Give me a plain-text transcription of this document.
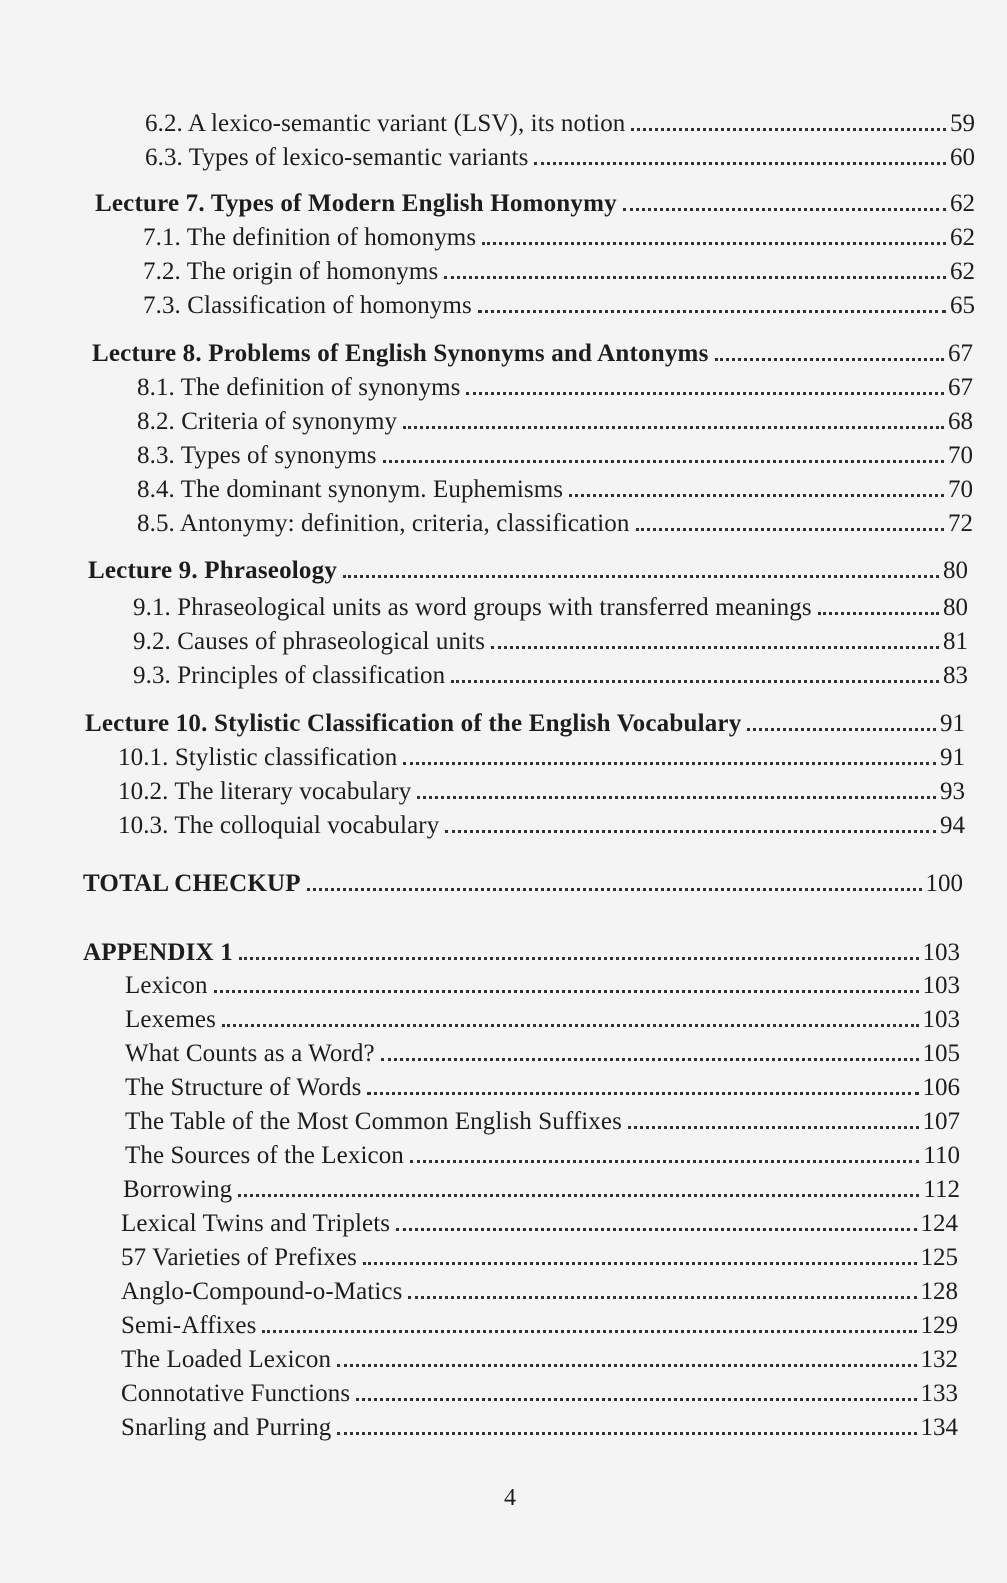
6.2. A lexico-semantic variant (LSV), its notion	59
6.3. Types of lexico-semantic variants	60
Lecture 7. Types of Modern English Homonymy	62
7.1. The definition of homonyms	62
7.2. The origin of homonyms	62
7.3. Classification of homonyms	65
Lecture 8. Problems of English Synonyms and Antonyms	67
8.1. The definition of synonyms	67
8.2. Criteria of synonymy	68
8.3. Types of synonyms	70
8.4. The dominant synonym. Euphemisms	70
8.5. Antonymy: definition, criteria, classification	72
Lecture 9. Phraseology	80
9.1. Phraseological units as word groups with transferred meanings	80
9.2. Causes of phraseological units	81
9.3. Principles of classification	83
Lecture 10. Stylistic Classification of the English Vocabulary	91
10.1. Stylistic classification	91
10.2. The literary vocabulary	93
10.3. The colloquial vocabulary	94
TOTAL CHECKUP	100
APPENDIX 1	103
Lexicon	103
Lexemes	103
What Counts as a Word?	105
The Structure of Words	106
The Table of the Most Common English Suffixes	107
The Sources of the Lexicon	110
Borrowing	112
Lexical Twins and Triplets	124
57 Varieties of Prefixes	125
Anglo-Compound-o-Matics	128
Semi-Affixes	129
The Loaded Lexicon	132
Connotative Functions	133
Snarling and Purring	134
4
